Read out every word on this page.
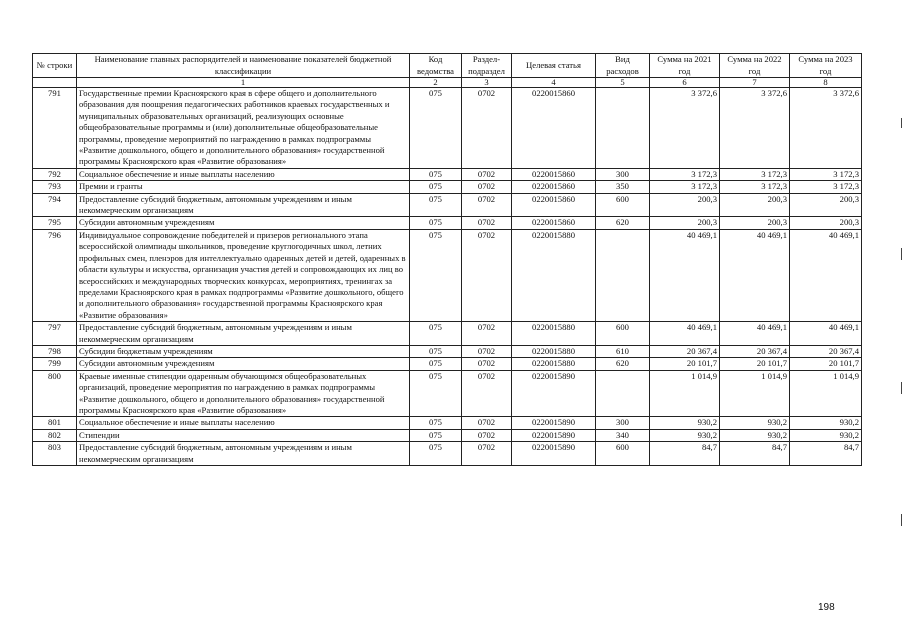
№ строки	Наименование главных распорядителей и наименование показателей бюджетной классификации	Код ведомства	Раздел-подраздел	Целевая статья	Вид расходов	Сумма на 2021 год	Сумма на 2022 год	Сумма на 2023 год
	1	2	3	4	5	6	7	8
791	Государственные премии Красноярского края в сфере общего и дополнительного образования для поощрения педагогических работников краевых государственных и муниципальных образовательных организаций, реализующих основные общеобразовательные программы и (или) дополнительные общеобразовательные программы, проведение мероприятий по награждению в рамках подпрограммы «Развитие дошкольного, общего и дополнительного образования» государственной программы Красноярского края «Развитие образования»	075	0702	0220015860		3 372,6	3 372,6	3 372,6
792	Социальное обеспечение и иные выплаты населению	075	0702	0220015860	300	3 172,3	3 172,3	3 172,3
793	Премии и гранты	075	0702	0220015860	350	3 172,3	3 172,3	3 172,3
794	Предоставление субсидий бюджетным, автономным учреждениям и иным некоммерческим организациям	075	0702	0220015860	600	200,3	200,3	200,3
795	Субсидии автономным учреждениям	075	0702	0220015860	620	200,3	200,3	200,3
796	Индивидуальное сопровождение победителей и призеров регионального этапа всероссийской олимпиады школьников, проведение круглогодичных школ, летних профильных смен, пленэров для интеллектуально одаренных детей и детей, одаренных в области культуры и искусства, организация участия детей и сопровождающих их лиц во всероссийских и международных творческих конкурсах, мероприятиях, тренингах за пределами Красноярского края в рамках подпрограммы «Развитие дошкольного, общего и дополнительного образования» государственной программы Красноярского края «Развитие образования»	075	0702	0220015880		40 469,1	40 469,1	40 469,1
797	Предоставление субсидий бюджетным, автономным учреждениям и иным некоммерческим организациям	075	0702	0220015880	600	40 469,1	40 469,1	40 469,1
798	Субсидии бюджетным учреждениям	075	0702	0220015880	610	20 367,4	20 367,4	20 367,4
799	Субсидии автономным учреждениям	075	0702	0220015880	620	20 101,7	20 101,7	20 101,7
800	Краевые именные стипендии одаренным обучающимся общеобразовательных организаций, проведение мероприятия по награждению в рамках подпрограммы «Развитие дошкольного, общего и дополнительного образования» государственной программы Красноярского края «Развитие образования»	075	0702	0220015890		1 014,9	1 014,9	1 014,9
801	Социальное обеспечение и иные выплаты населению	075	0702	0220015890	300	930,2	930,2	930,2
802	Стипендии	075	0702	0220015890	340	930,2	930,2	930,2
803	Предоставление субсидий бюджетным, автономным учреждениям и иным некоммерческим организациям	075	0702	0220015890	600	84,7	84,7	84,7
198
